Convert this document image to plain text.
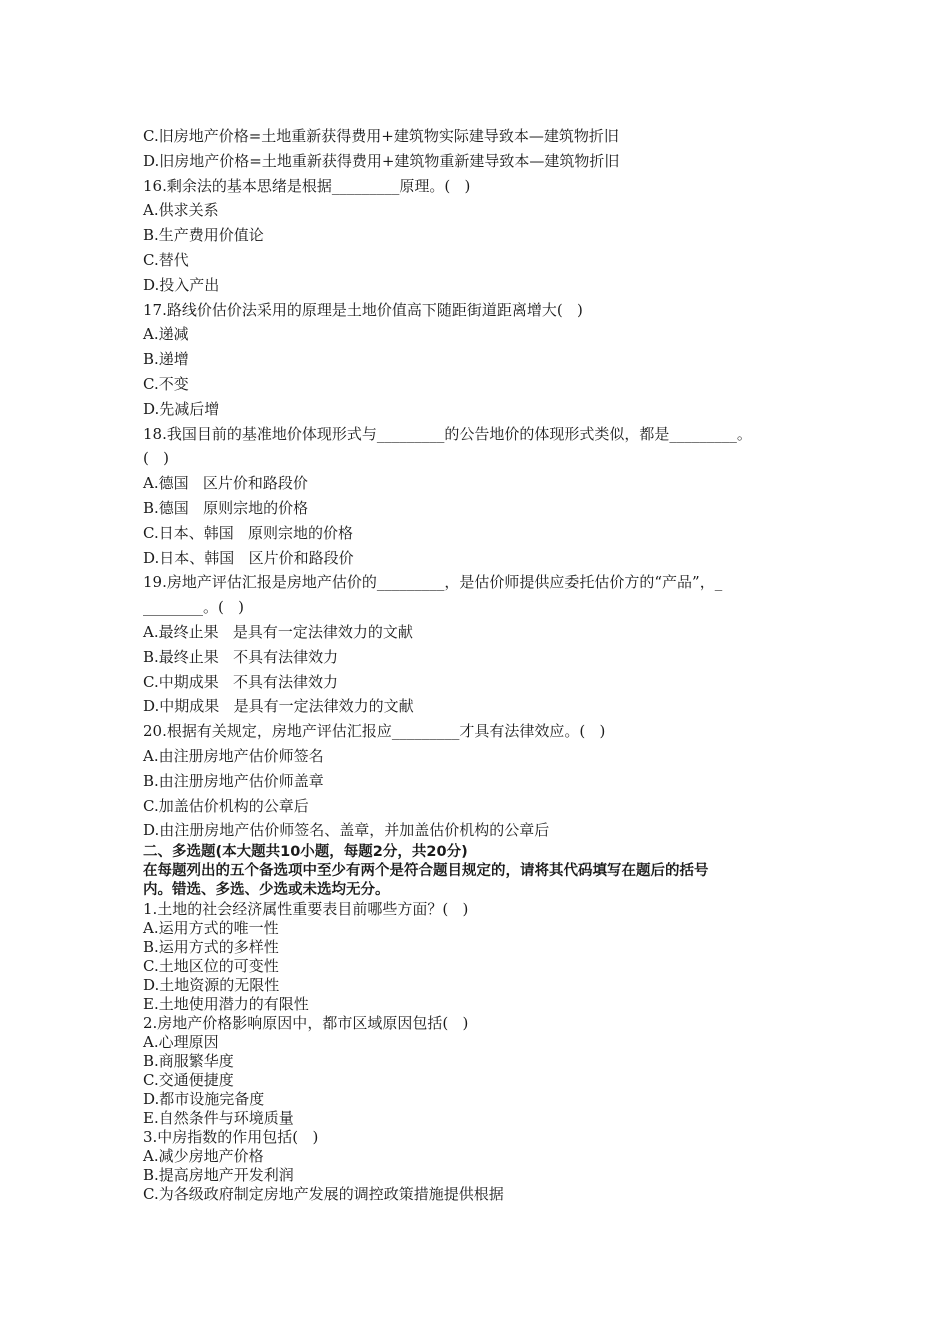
C.旧房地产价格=土地重新获得费用+建筑物实际建导致本—建筑物折旧
D.旧房地产价格=土地重新获得费用+建筑物重新建导致本—建筑物折旧
16.剩余法的基本思绪是根据_________原理。(   )
A.供求关系
B.生产费用价值论
C.替代
D.投入产出
17.路线价估价法采用的原理是土地价值高下随距街道距离增大(   )
A.递减
B.递增
C.不变
D.先减后增
18.我国目前的基准地价体现形式与_________的公告地价的体现形式类似，都是_________。
(   )
A.德国   区片价和路段价
B.德国   原则宗地的价格
C.日本、韩国   原则宗地的价格
D.日本、韩国   区片价和路段价
19.房地产评估汇报是房地产估价的_________，是估价师提供应委托估价方的“产品”，_
________。(   )
A.最终止果   是具有一定法律效力的文献
B.最终止果   不具有法律效力
C.中期成果   不具有法律效力
D.中期成果   是具有一定法律效力的文献
20.根据有关规定，房地产评估汇报应_________才具有法律效应。(   )
A.由注册房地产估价师签名
B.由注册房地产估价师盖章
C.加盖估价机构的公章后
D.由注册房地产估价师签名、盖章，并加盖估价机构的公章后
二、多选题(本大题共10小题，每题2分，共20分)
在每题列出的五个备选项中至少有两个是符合题目规定的，请将其代码填写在题后的括号
内。错选、多选、少选或未选均无分。
1.土地的社会经济属性重要表目前哪些方面？(   )
A.运用方式的唯一性
B.运用方式的多样性
C.土地区位的可变性
D.土地资源的无限性
E.土地使用潜力的有限性
2.房地产价格影响原因中，都市区域原因包括(   )
A.心理原因
B.商服繁华度
C.交通便捷度
D.都市设施完备度
E.自然条件与环境质量
3.中房指数的作用包括(   )
A.减少房地产价格
B.提高房地产开发利润
C.为各级政府制定房地产发展的调控政策措施提供根据
